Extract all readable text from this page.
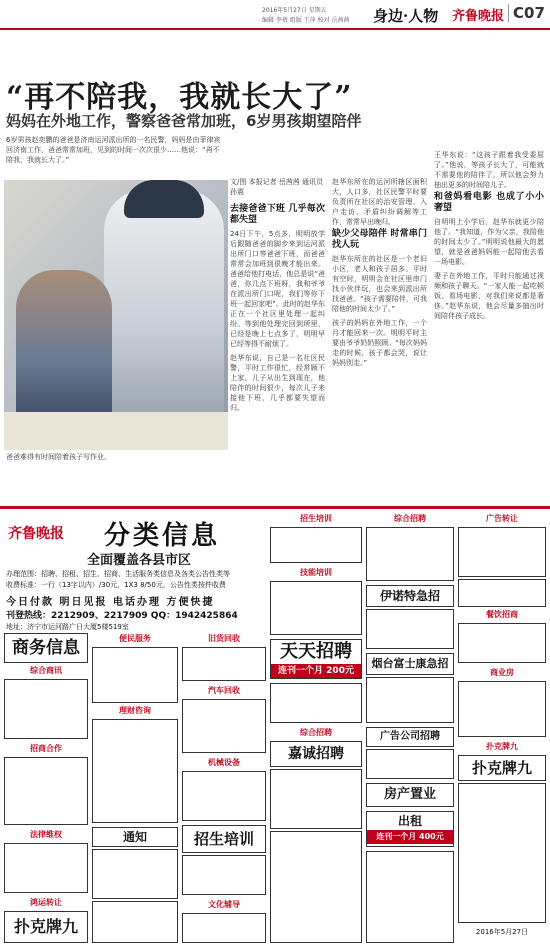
2016年5月27日 星期五
编辑 李蓓 组版 王萍 校对 岳茜茜 身边·人物 齐鲁晚报 C07
“再不陪我，我就长大了”
妈妈在外地工作，警察爸爸常加班，6岁男孩期望陪伴
6岁男孩赵奕鹏的爸爸是济南运河派出所的一名民警，妈妈是由菲律宾回济南工作，爸爸常常加班，见到的时间一次次很少……他说：“再不陪我，我就长大了。”
爸爸难得有时间陪着孩子写作业。
文/图 本报记者 岳茜茜 通讯员 孙震
去接爸爸下班 几乎每次都失望

24日下午，5点多，明明放学后跟随爸爸的脚步来到运河派出所门口等爸爸下班，而爸爸常常会加班到很晚才能出来。爸爸给他打电话，他总是说“爸爸，你几点下班呀，我和爷爷在派出所门口呢，我们等你下班一起回家吧”。此时的赵华东正在一个社区里处理一起纠纷。等到他处理完回到所里，已经是晚上七点多了，明明早已经等得不耐烦了。

赵华东说，自己是一名社区民警，平时工作很忙，经常顾不上家。儿子从出生到现在，他陪伴的时间很少，每次儿子来接他下班，几乎都要失望而归。

赵华东所在的运河所辖区面积大，人口多，社区民警平时要负责所在社区的治安管理、入户走访、矛盾纠纷调解等工作，常常早出晚归。

缺少父母陪伴 时常串门找人玩

赵华东所在的社区是一个老旧小区，老人和孩子居多。平时有空时，明明会在社区里串门找小伙伴玩，也会来到派出所找爸爸。“孩子需要陪伴，可我陪他的时间太少了。”

孩子的妈妈在外地工作，一个月才能回来一次。明明平时主要由爷爷奶奶照顾。“每次妈妈走的时候，孩子都会哭，说让妈妈别走。”

王华东说：“这孩子跟着我受委屈了。”他说，等孩子长大了，可能就不需要他的陪伴了，所以他会努力抽出更多的时间陪儿子。

和爸妈看电影 也成了小小奢望

自明明上小学后，赵华东就更少陪他了。“我知道，作为父亲，我陪他的时间太少了。”明明说他最大的愿望，就是爸爸妈妈能一起陪他去看一场电影。

妻子在外地工作，平时只能通过视频和孩子聊天。“一家人能一起吃顿饭、看场电影，对我们来说都是奢侈。”赵华东说，他会尽量多抽出时间陪伴孩子成长。

齐鲁晚报 分类信息
全面覆盖各县市区
办理范围：招聘、招租、招生、招商、生活服务类信息及各类公告性类等
收费标准：一行（13字以内）/30元，1X3 8/50元，公告性类按件收费
今日付款 明日见报 电话办理 方便快捷
刊登热线：2212909、2217909 QQ：1942425864
地址：济宁市运河路广日大厦5楼519室
商务信息
综合商讯
招商合作
法律维权
鸿运转让
扑克牌九
便民服务
理财咨询
通知
旧货回收
汽车回收
机械设备
招生培训
文化辅导
招生培训
技能培训
天天招聘
连刊一个月 200元
综合招聘
嘉诚招聘
综合招聘
伊诺特急招
烟台富士康急招
广告公司招聘
房产置业
出租
连刊一个月 400元
广告转让
餐饮招商
商业房
扑克牌九
扑克牌九
2016年5月27日
